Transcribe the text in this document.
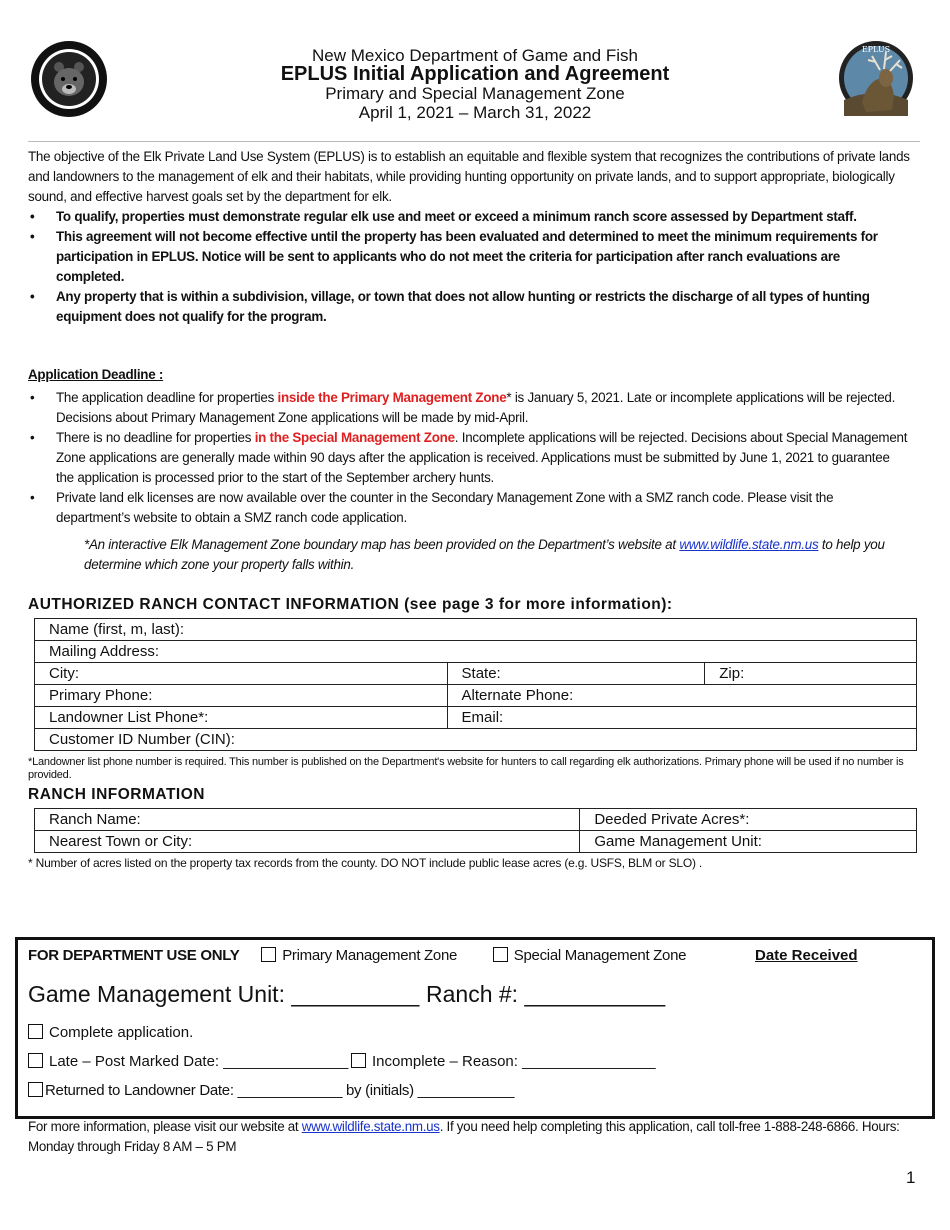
EPLUS
New Mexico Department of Game and Fish
EPLUS Initial Application and Agreement
Primary and Special Management Zone
April 1, 2021 – March 31, 2022
The objective of the Elk Private Land Use System (EPLUS) is to establish an equitable and flexible system that recognizes the contributions of private lands and landowners to the management of elk and their habitats, while providing hunting opportunity on private lands, and to support appropriate, biologically sound, and effective harvest goals set by the department for elk.
• To qualify, properties must demonstrate regular elk use and meet or exceed a minimum ranch score assessed by Department staff.
• This agreement will not become effective until the property has been evaluated and determined to meet the minimum requirements for participation in EPLUS. Notice will be sent to applicants who do not meet the criteria for participation after ranch evaluations are completed.
• Any property that is within a subdivision, village, or town that does not allow hunting or restricts the discharge of all types of hunting equipment does not qualify for the program.
Application Deadline :
• The application deadline for properties inside the Primary Management Zone* is January 5, 2021. Late or incomplete applications will be rejected. Decisions about Primary Management Zone applications will be made by mid-April.
• There is no deadline for properties in the Special Management Zone. Incomplete applications will be rejected. Decisions about Special Management Zone applications are generally made within 90 days after the application is received. Applications must be submitted by June 1, 2021 to guarantee the application is processed prior to the start of the September archery hunts.
• Private land elk licenses are now available over the counter in the Secondary Management Zone with a SMZ ranch code. Please visit the department’s website to obtain a SMZ ranch code application.
*An interactive Elk Management Zone boundary map has been provided on the Department’s website at www.wildlife.state.nm.us to help you determine which zone your property falls within.
AUTHORIZED RANCH CONTACT INFORMATION (see page 3 for more information):
Name (first, m, last):		
Mailing Address:		
City:	State:	Zip:
Primary Phone:	Alternate Phone:	
Landowner List Phone*:	Email:	
Customer ID Number (CIN):		
*Landowner list phone number is required. This number is published on the Department's website for hunters to call regarding elk authorizations. Primary phone will be used if no number is provided.
RANCH INFORMATION
Ranch Name:	Deeded Private Acres*:
Nearest Town or City:	Game Management Unit:
* Number of acres listed on the property tax records from the county. DO NOT include public lease acres (e.g. USFS, BLM or SLO) .
FOR DEPARTMENT USE ONLY	Primary Management Zone	Special Management Zone	Date Received
Game Management Unit: __________ Ranch #: ___________
Complete application.
Late – Post Marked Date: _______________	Incomplete – Reason: ________________
Returned to Landowner Date: _____________ by (initials) ____________
For more information, please visit our website at www.wildlife.state.nm.us. If you need help completing this application, call toll-free 1-888-248-6866. Hours: Monday through Friday 8 AM – 5 PM
1
